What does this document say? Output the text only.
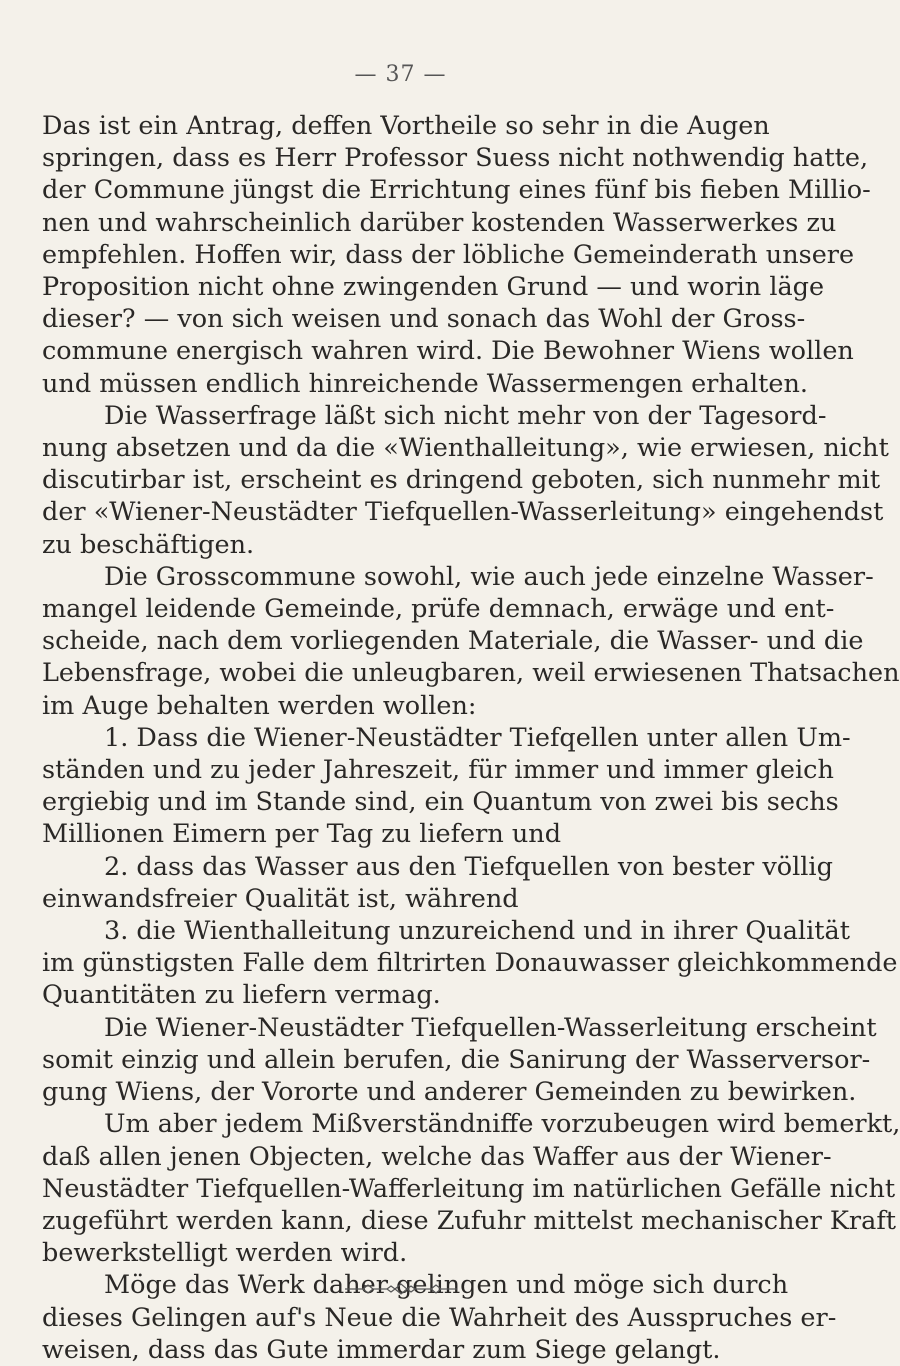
— 37 —
Das ist ein Antrag, deffen Vortheile so sehr in die Augen
springen, dass es Herr Professor Suess nicht nothwendig hatte,
der Commune jüngst die Errichtung eines fünf bis fieben Millio-
nen und wahrscheinlich darüber kostenden Wasserwerkes zu
empfehlen. Hoffen wir, dass der löbliche Gemeinderath unsere
Proposition nicht ohne zwingenden Grund — und worin läge
dieser? — von sich weisen und sonach das Wohl der Gross-
commune energisch wahren wird. Die Bewohner Wiens wollen
und müssen endlich hinreichende Wassermengen erhalten.
Die Wasserfrage läßt sich nicht mehr von der Tagesord-
nung absetzen und da die «Wienthalleitung», wie erwiesen, nicht
discutirbar ist, erscheint es dringend geboten, sich nunmehr mit
der «Wiener-Neustädter Tiefquellen-Wasserleitung» eingehendst
zu beschäftigen.
Die Grosscommune sowohl, wie auch jede einzelne Wasser-
mangel leidende Gemeinde, prüfe demnach, erwäge und ent-
scheide, nach dem vorliegenden Materiale, die Wasser- und die
Lebensfrage, wobei die unleugbaren, weil erwiesenen Thatsachen
im Auge behalten werden wollen:
1. Dass die Wiener-Neustädter Tiefqellen unter allen Um-
ständen und zu jeder Jahreszeit, für immer und immer gleich
ergiebig und im Stande sind, ein Quantum von zwei bis sechs
Millionen Eimern per Tag zu liefern und
2. dass das Wasser aus den Tiefquellen von bester völlig
einwandsfreier Qualität ist, während
3. die Wienthalleitung unzureichend und in ihrer Qualität
im günstigsten Falle dem filtrirten Donauwasser gleichkommende
Quantitäten zu liefern vermag.
Die Wiener-Neustädter Tiefquellen-Wasserleitung erscheint
somit einzig und allein berufen, die Sanirung der Wasserversor-
gung Wiens, der Vororte und anderer Gemeinden zu bewirken.
Um aber jedem Mißverständniffe vorzubeugen wird bemerkt,
daß allen jenen Objecten, welche das Waffer aus der Wiener-
Neustädter Tiefquellen-Wafferleitung im natürlichen Gefälle nicht
zugeführt werden kann, diese Zufuhr mittelst mechanischer Kraft
bewerkstelligt werden wird.
Möge das Werk daher gelingen und möge sich durch
dieses Gelingen auf's Neue die Wahrheit des Ausspruches er-
weisen, dass das Gute immerdar zum Siege gelangt.
